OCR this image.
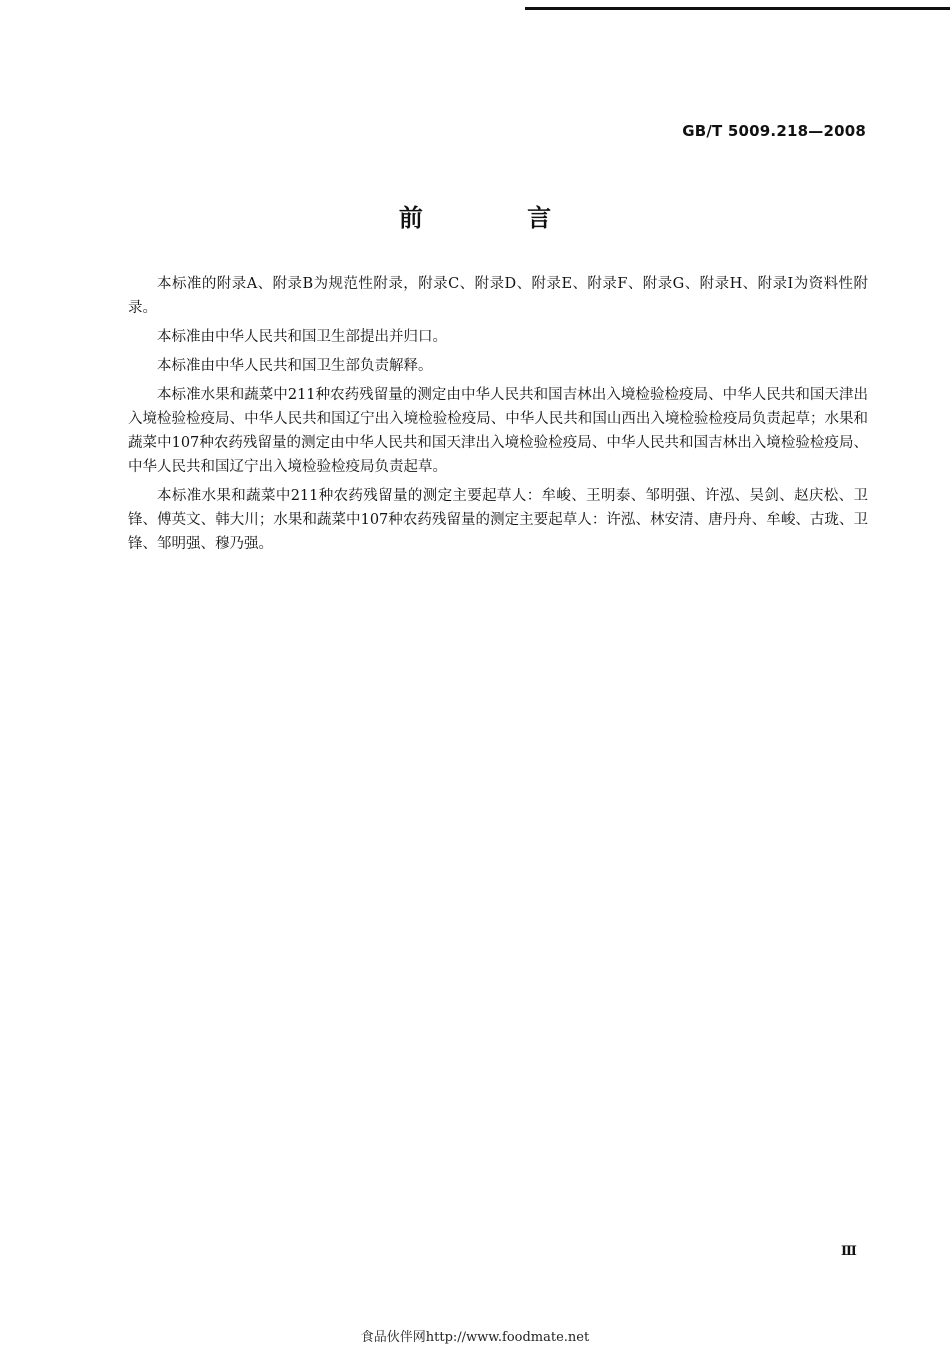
GB/T 5009.218—2008
前 言

本标准的附录A、附录B为规范性附录，附录C、附录D、附录E、附录F、附录G、附录H、附录I为资料性附录。

本标准由中华人民共和国卫生部提出并归口。

本标准由中华人民共和国卫生部负责解释。

本标准水果和蔬菜中211种农药残留量的测定由中华人民共和国吉林出入境检验检疫局、中华人民共和国天津出入境检验检疫局、中华人民共和国辽宁出入境检验检疫局、中华人民共和国山西出入境检验检疫局负责起草；水果和蔬菜中107种农药残留量的测定由中华人民共和国天津出入境检验检疫局、中华人民共和国吉林出入境检验检疫局、中华人民共和国辽宁出入境检验检疫局负责起草。

本标准水果和蔬菜中211种农药残留量的测定主要起草人：牟峻、王明泰、邹明强、许泓、吴剑、赵庆松、卫锋、傅英文、韩大川；水果和蔬菜中107种农药残留量的测定主要起草人：许泓、林安清、唐丹舟、牟峻、古珑、卫锋、邹明强、穆乃强。

Ⅲ
食品伙伴网http://www.foodmate.net
